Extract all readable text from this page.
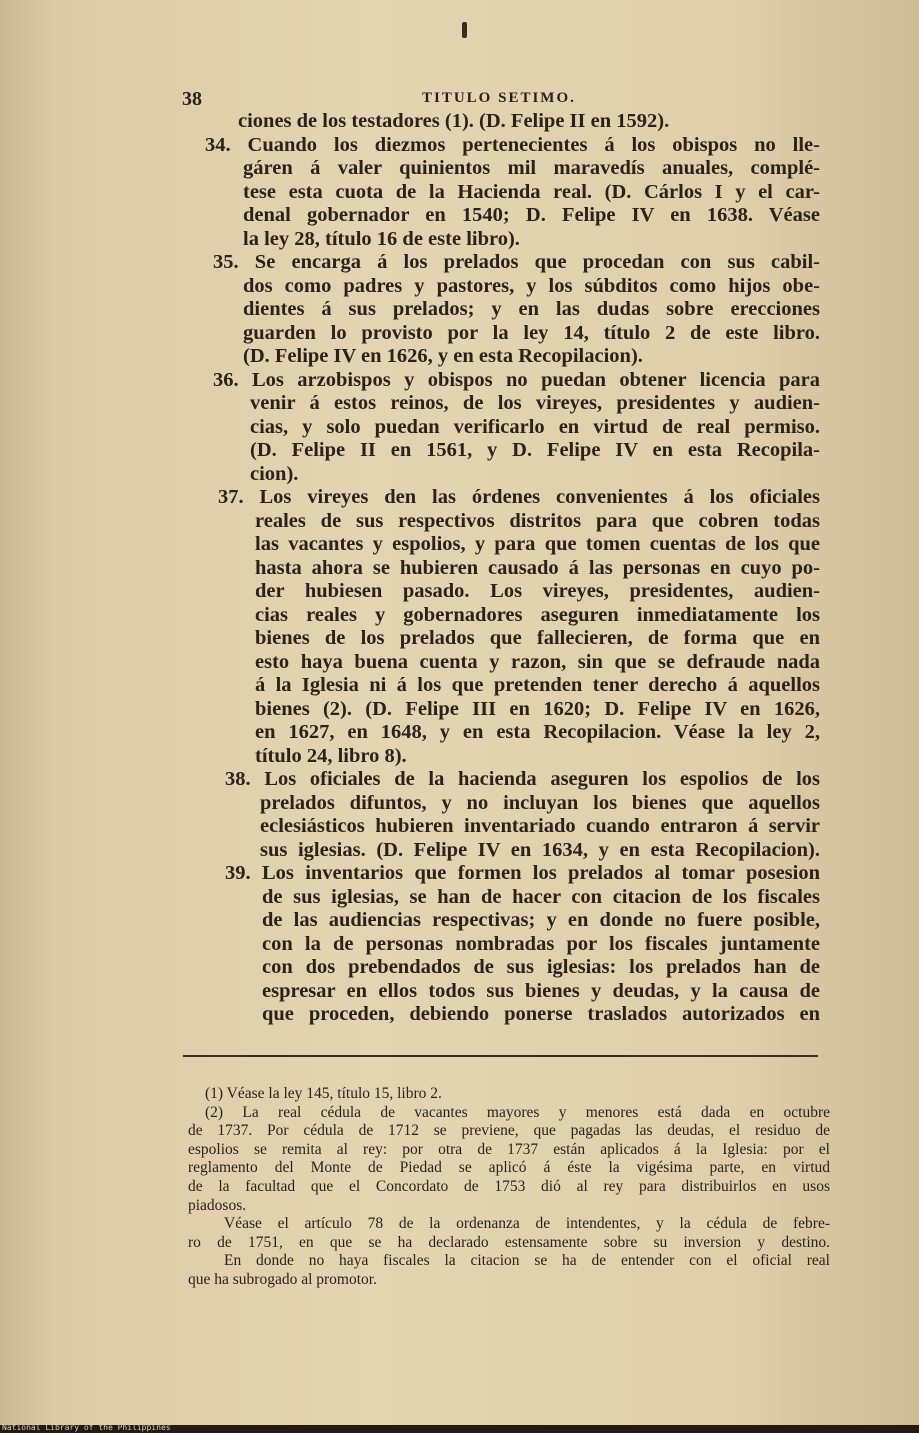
38	TITULO SETIMO.
ciones de los testadores (1). (D. Felipe II en 1592).
34. Cuando los diezmos pertenecientes á los obispos no lle-
gáren á valer quinientos mil maravedís anuales, complé-
tese esta cuota de la Hacienda real. (D. Cárlos I y el car-
denal gobernador en 1540; D. Felipe IV en 1638. Véase
la ley 28, título 16 de este libro).
35. Se encarga á los prelados que procedan con sus cabil-
dos como padres y pastores, y los súbditos como hijos obe-
dientes á sus prelados; y en las dudas sobre erecciones
guarden lo provisto por la ley 14, título 2 de este libro.
(D. Felipe IV en 1626, y en esta Recopilacion).
36. Los arzobispos y obispos no puedan obtener licencia para
venir á estos reinos, de los vireyes, presidentes y audien-
cias, y solo puedan verificarlo en virtud de real permiso.
(D. Felipe II en 1561, y D. Felipe IV en esta Recopila-
cion).
37. Los vireyes den las órdenes convenientes á los oficiales
reales de sus respectivos distritos para que cobren todas
las vacantes y espolios, y para que tomen cuentas de los que
hasta ahora se hubieren causado á las personas en cuyo po-
der hubiesen pasado. Los vireyes, presidentes, audien-
cias reales y gobernadores aseguren inmediatamente los
bienes de los prelados que fallecieren, de forma que en
esto haya buena cuenta y razon, sin que se defraude nada
á la Iglesia ni á los que pretenden tener derecho á aquellos
bienes (2). (D. Felipe III en 1620; D. Felipe IV en 1626,
en 1627, en 1648, y en esta Recopilacion. Véase la ley 2,
título 24, libro 8).
38. Los oficiales de la hacienda aseguren los espolios de los
prelados difuntos, y no incluyan los bienes que aquellos
eclesiásticos hubieren inventariado cuando entraron á servir
sus iglesias. (D. Felipe IV en 1634, y en esta Recopilacion).
39. Los inventarios que formen los prelados al tomar posesion
de sus iglesias, se han de hacer con citacion de los fiscales
de las audiencias respectivas; y en donde no fuere posible,
con la de personas nombradas por los fiscales juntamente
con dos prebendados de sus iglesias: los prelados han de
espresar en ellos todos sus bienes y deudas, y la causa de
que proceden, debiendo ponerse traslados autorizados en
(1) Véase la ley 145, título 15, libro 2.
(2) La real cédula de vacantes mayores y menores está dada en octubre
de 1737. Por cédula de 1712 se previene, que pagadas las deudas, el residuo de
espolios se remita al rey: por otra de 1737 están aplicados á la Iglesia: por el
reglamento del Monte de Piedad se aplicó á éste la vigésima parte, en virtud
de la facultad que el Concordato de 1753 dió al rey para distribuirlos en usos
piadosos.
Véase el artículo 78 de la ordenanza de intendentes, y la cédula de febre-
ro de 1751, en que se ha declarado estensamente sobre su inversion y destino.
En donde no haya fiscales la citacion se ha de entender con el oficial real
que ha subrogado al promotor.
National Library of the Philippines
